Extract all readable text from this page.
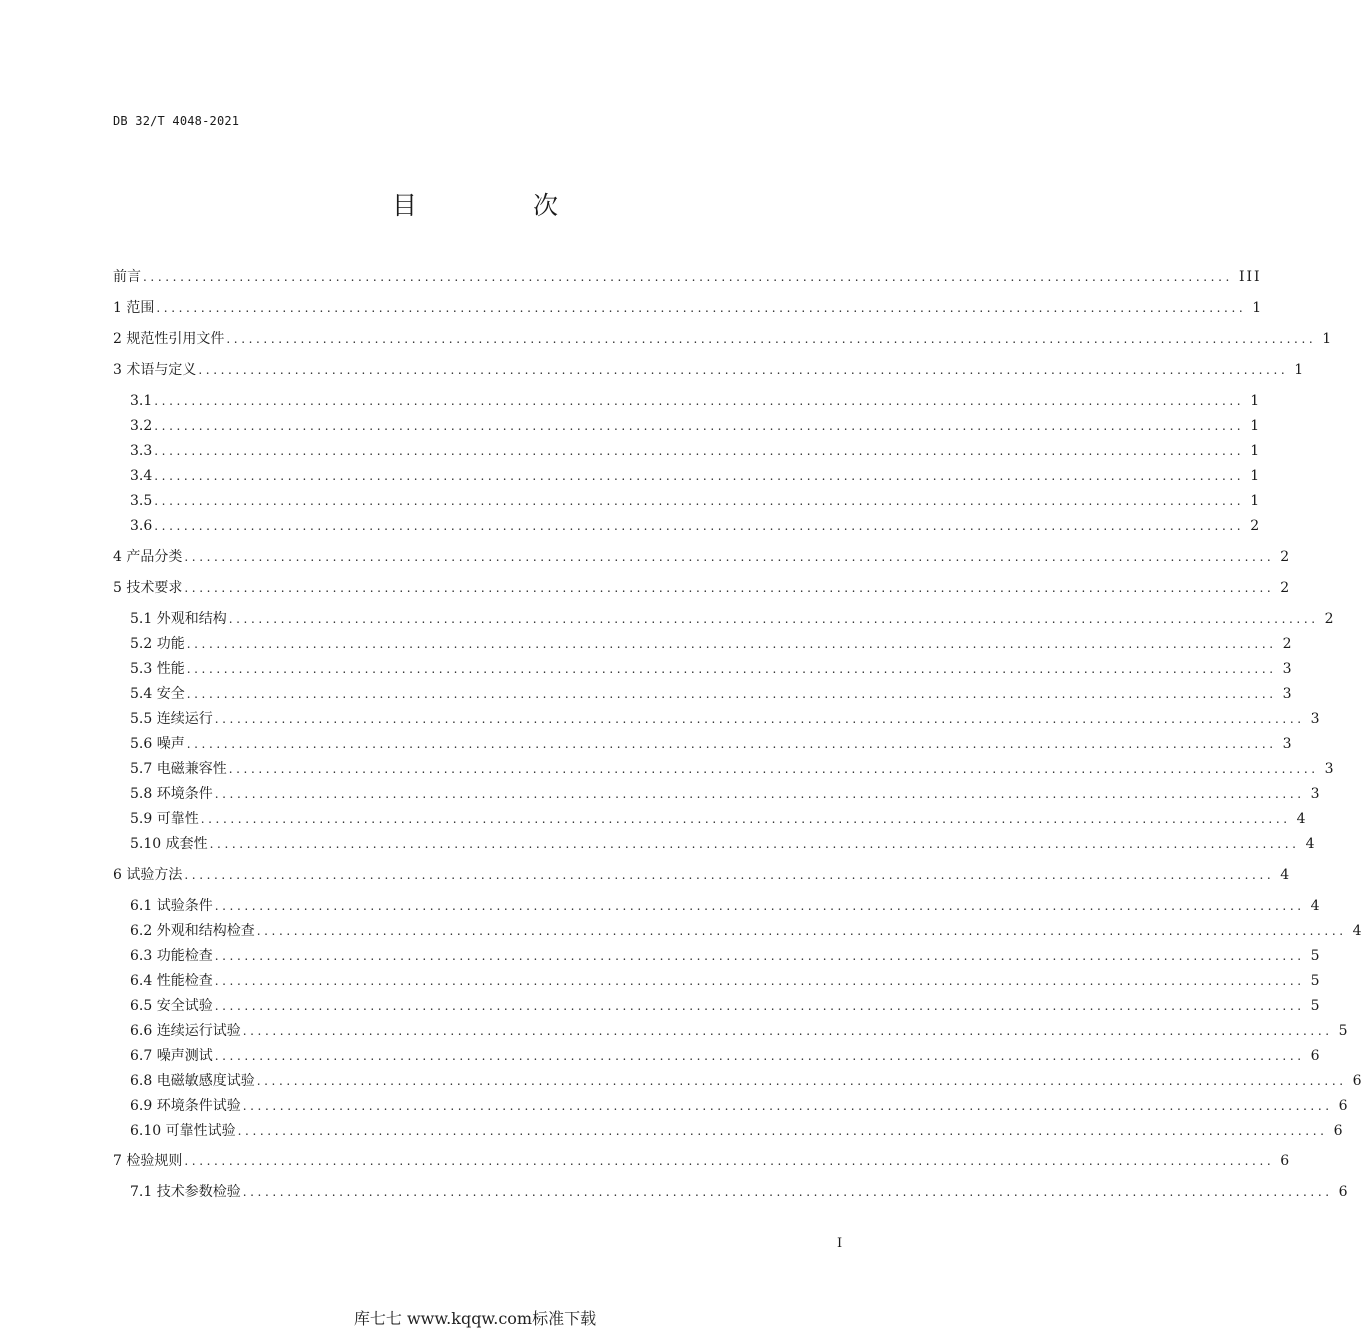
DB 32/T 4048-2021
目 次
前言 ................................................................................................................................................... III
1 范围 ................................................................................................................................................... 1
2 规范性引用文件 ................................................................................................................................................... 1
3 术语与定义 ................................................................................................................................................... 1
3.1 ................................................................................................................................................... 1
3.2 ................................................................................................................................................... 1
3.3 ................................................................................................................................................... 1
3.4 ................................................................................................................................................... 1
3.5 ................................................................................................................................................... 1
3.6 ................................................................................................................................................... 2
4 产品分类 ................................................................................................................................................... 2
5 技术要求 ................................................................................................................................................... 2
5.1 外观和结构 ................................................................................................................................................... 2
5.2 功能 ................................................................................................................................................... 2
5.3 性能 ................................................................................................................................................... 3
5.4 安全 ................................................................................................................................................... 3
5.5 连续运行 ................................................................................................................................................... 3
5.6 噪声 ................................................................................................................................................... 3
5.7 电磁兼容性 ................................................................................................................................................... 3
5.8 环境条件 ................................................................................................................................................... 3
5.9 可靠性 ................................................................................................................................................... 4
5.10 成套性 ................................................................................................................................................... 4
6 试验方法 ................................................................................................................................................... 4
6.1 试验条件 ................................................................................................................................................... 4
6.2 外观和结构检查 ................................................................................................................................................... 4
6.3 功能检查 ................................................................................................................................................... 5
6.4 性能检查 ................................................................................................................................................... 5
6.5 安全试验 ................................................................................................................................................... 5
6.6 连续运行试验 ................................................................................................................................................... 5
6.7 噪声测试 ................................................................................................................................................... 6
6.8 电磁敏感度试验 ................................................................................................................................................... 6
6.9 环境条件试验 ................................................................................................................................................... 6
6.10 可靠性试验 ................................................................................................................................................... 6
7 检验规则 ................................................................................................................................................... 6
7.1 技术参数检验 ................................................................................................................................................... 6
I
库七七 www.kqqw.com标准下载
